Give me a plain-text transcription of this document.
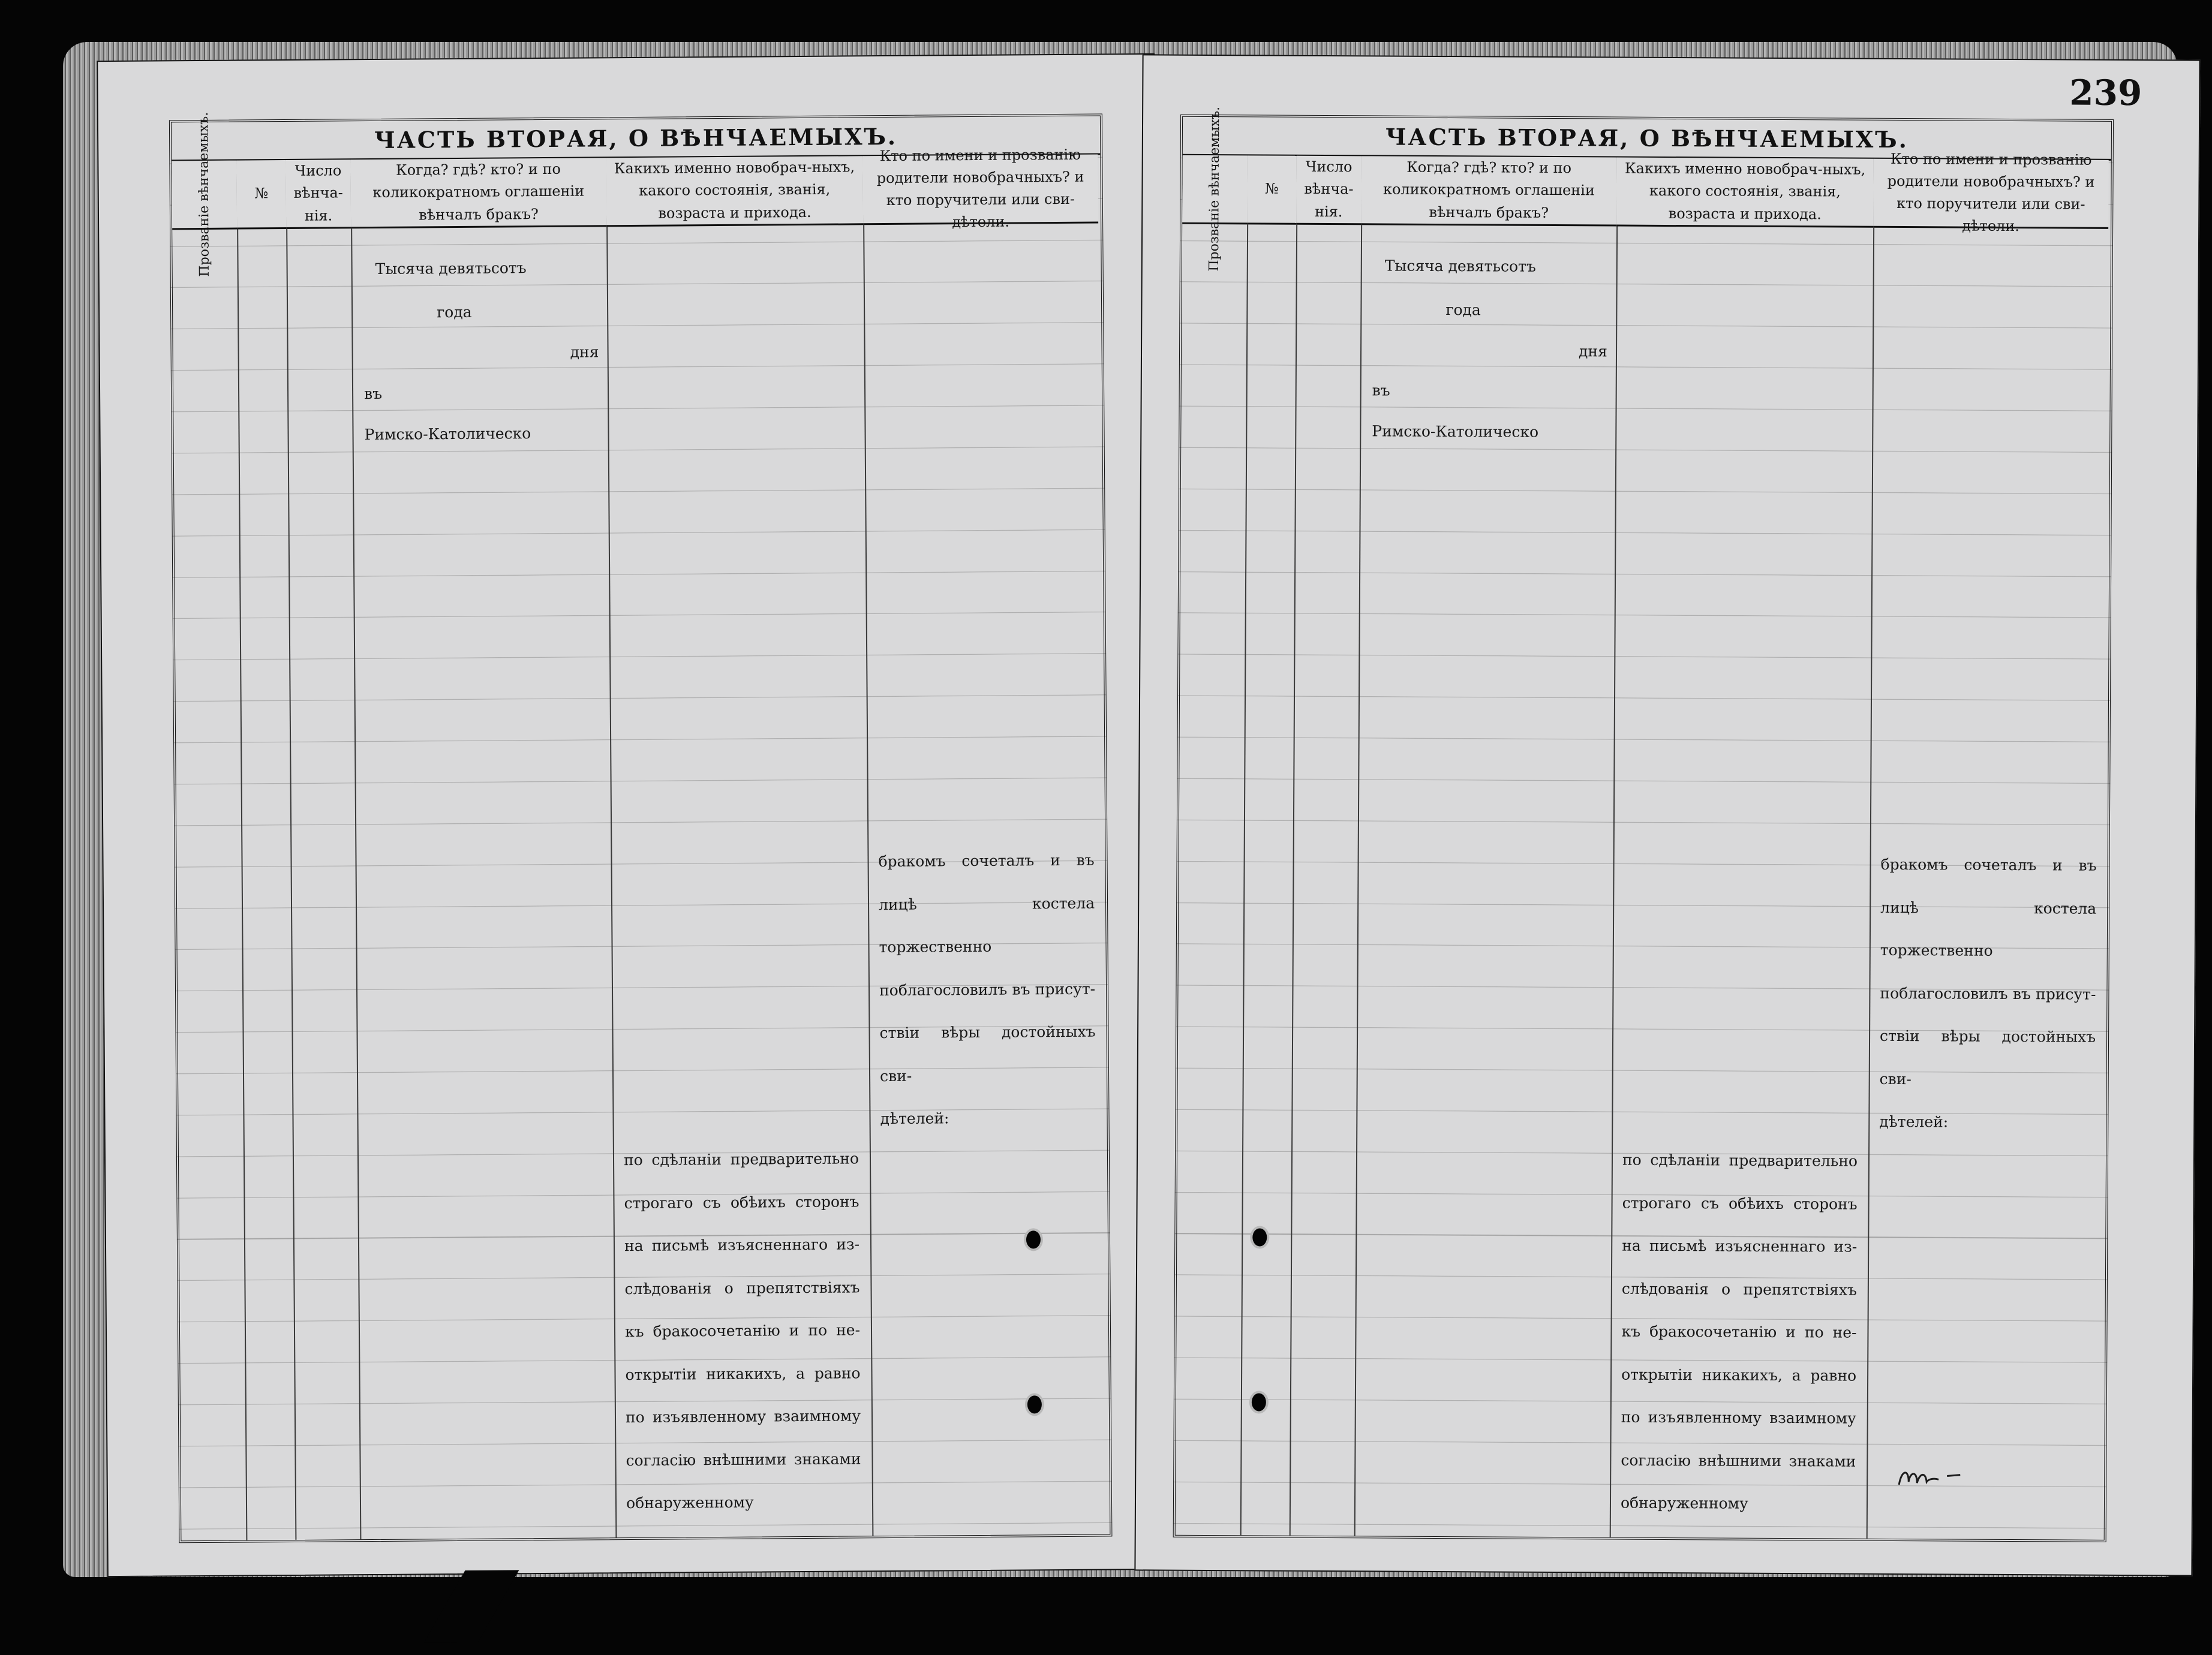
ЧАСТЬ ВТОРАЯ, О ВѢНЧАЕМЫХЪ.
Прозваніе вѣнчаемыхъ.	№
Число вѣнча-нія.
Когда? гдѣ? кто? и по коликократномъ оглашеніи вѣнчалъ бракъ?
Какихъ именно новобрач-ныхъ, какого состоянія, званія, возраста и прихода.
Кто по имени и прозванію родители новобрачныхъ? и кто поручители или сви-дѣтели.
Тысяча девятьсотъ
года
дня
въ
Римско-Католическо
бракомъ сочеталъ и въ
лицѣ костела торжественно
поблагословилъ въ присут-
ствіи вѣры достойныхъ сви-
дѣтелей:
по сдѣланіи предварительно
строгаго съ обѣихъ сторонъ
на письмѣ изъясненнаго из-
слѣдованія о препятствіяхъ
къ бракосочетанію и по не-
открытіи никакихъ, а равно
по изъявленному взаимному
согласію внѣшними знаками
обнаруженному
239
ЧАСТЬ ВТОРАЯ, О ВѢНЧАЕМЫХЪ.
Прозваніе вѣнчаемыхъ.	№
Число вѣнча-нія.
Когда? гдѣ? кто? и по коликократномъ оглашеніи вѣнчалъ бракъ?
Какихъ именно новобрач-ныхъ, какого состоянія, званія, возраста и прихода.
Кто по имени и прозванію родители новобрачныхъ? и кто поручители или сви-дѣтели.
Тысяча девятьсотъ
года
дня
въ
Римско-Католическо
бракомъ сочеталъ и въ
лицѣ костела торжественно
поблагословилъ въ присут-
ствіи вѣры достойныхъ сви-
дѣтелей:
по сдѣланіи предварительно
строгаго съ обѣихъ сторонъ
на письмѣ изъясненнаго из-
слѣдованія о препятствіяхъ
къ бракосочетанію и по не-
открытіи никакихъ, а равно
по изъявленному взаимному
согласію внѣшними знаками
обнаруженному
